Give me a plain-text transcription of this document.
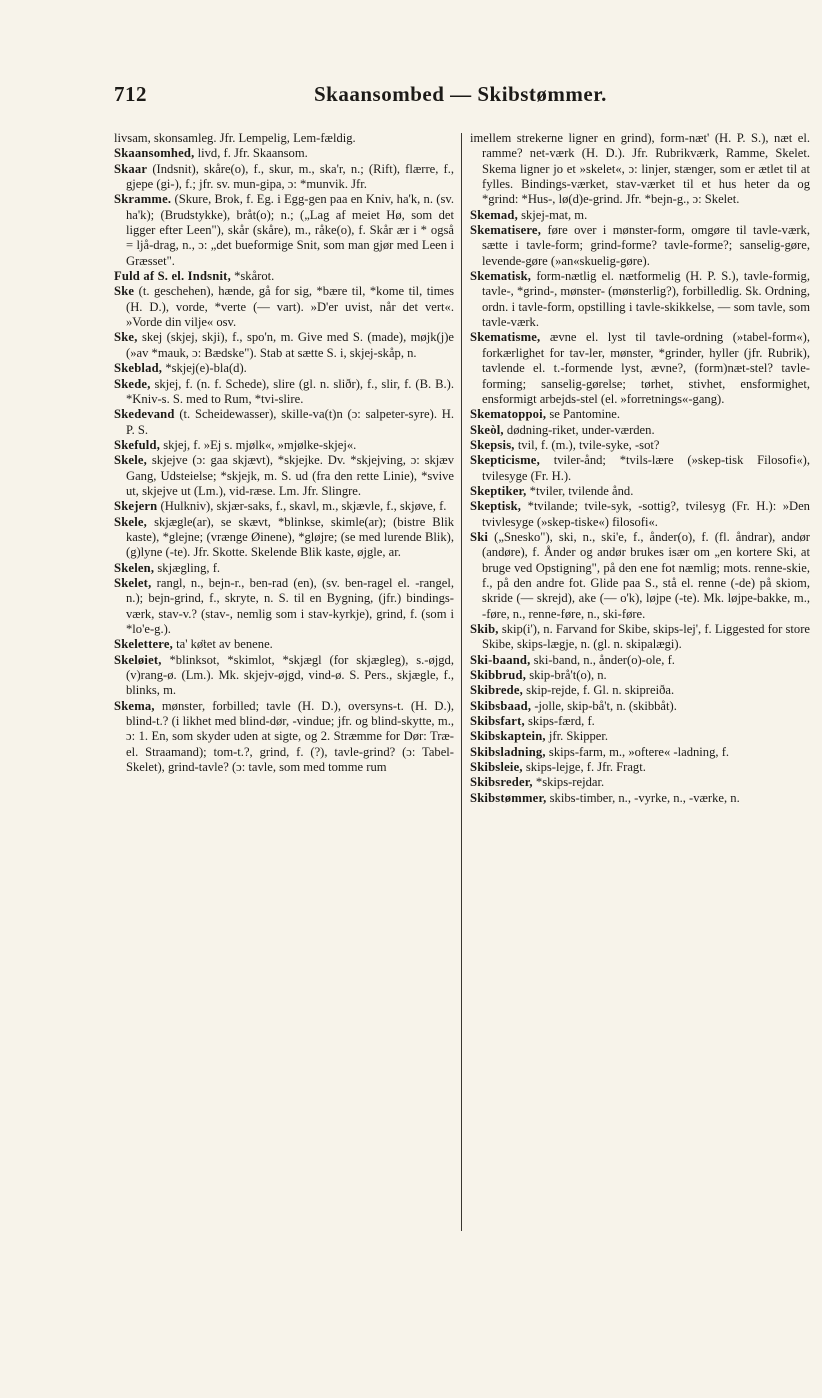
712	Skaansombed — Skibstømmer.
livsam, skonsamleg. Jfr. Lempelig, Lem-fældig.
Skaansomhed, livd, f. Jfr. Skaansom.
Skaar (Indsnit), skåre(o), f., skur, m., ska'r, n.; (Rift), flærre, f., gjepe (gi-), f.; jfr. sv. mun-gipa, ɔ: *munvik. Jfr.
Skramme. (Skure, Brok, f. Eg. i Egg-gen paa en Kniv, ha'k, n. (sv. ha'k); (Brudstykke), bråt(o); n.; („Lag af meiet Hø, som det ligger efter Leen"), skår (skåre), m., råke(o), f. Skår ær i * også = ljå-drag, n., ɔ: „det bueformige Snit, som man gjør med Leen i Græsset".
Fuld af S. el. Indsnit, *skårot.
Ske (t. geschehen), hænde, gå for sig, *bære til, *kome til, times (H. D.), vorde, *verte (— vart). »D'er uvist, når det vert«. »Vorde din vilje« osv.
Ske, skej (skjej, skji), f., spo'n, m. Give med S. (made), møjk(j)e (»av *mauk, ɔ: Bædske"). Stab at sætte S. i, skjej-skåp, n.
Skeblad, *skjej(e)-bla(d).
Skede, skjej, f. (n. f. Schede), slire (gl. n. sliðr), f., slir, f. (B. B.). *Kniv-s. S. med to Rum, *tvi-slire.
Skedevand (t. Scheidewasser), skille-va(t)n (ɔ: salpeter-syre). H. P. S.
Skefuld, skjej, f. »Ej s. mjølk«, »mjølke-skjej«.
Skele, skjejve (ɔ: gaa skjævt), *skjejke. Dv. *skjejving, ɔ: skjæv Gang, Udsteielse; *skjejk, m. S. ud (fra den rette Linie), *svive ut, skjejve ut (Lm.), vid-ræse. Lm. Jfr. Slingre.
Skejern (Hulkniv), skjær-saks, f., skavl, m., skjævle, f., skjøve, f.
Skele, skjægle(ar), se skævt, *blinkse, skimle(ar); (bistre Blik kaste), *glejne; (vrænge Øinene), *gløjre; (se med lurende Blik), (g)lyne (-te). Jfr. Skotte. Skelende Blik kaste, øjgle, ar.
Skelen, skjægling, f.
Skelet, rangl, n., bejn-r., ben-rad (en), (sv. ben-ragel el. -rangel, n.); bejn-grind, f., skryte, n. S. til en Bygning, (jfr.) bindings-værk, stav-v.? (stav-, nemlig som i stav-kyrkje), grind, f. (som i *lo'e-g.).
Skelettere, ta' kø̈tet av benene.
Skeløiet, *blinksot, *skimlot, *skjægl (for skjægleg), s.-øjgd, (v)rang-ø. (Lm.). Mk. skjejv-øjgd, vind-ø. S. Pers., skjægle, f., blinks, m.
Skema, mønster, forbilled; tavle (H. D.), oversyns-t. (H. D.), blind-t.? (i likhet med blind-dør, -vindue; jfr. og blind-skytte, m., ɔ: 1. En, som skyder uden at sigte, og 2. Stræmme for Dør: Træ-el. Straamand); tom-t.?, grind, f. (?), tavle-grind? (ɔ: Tabel-Skelet), grind-tavle? (ɔ: tavle, som med tomme rum
imellem strekerne ligner en grind), form-næt' (H. P. S.), næt el. ramme? net-værk (H. D.). Jfr. Rubrikværk, Ramme, Skelet. Skema ligner jo et »skelet«, ɔ: linjer, stænger, som er ætlet til at fylles. Bindings-værket, stav-værket til et hus heter da og *grind: *Hus-, lø(d)e-grind. Jfr. *bejn-g., ɔ: Skelet.
Skemad, skjej-mat, m.
Skematisere, føre over i mønster-form, omgøre til tavle-værk, sætte i tavle-form; grind-forme? tavle-forme?; sanselig-gøre, levende-gøre (»an«skuelig-gøre).
Skematisk, form-nætlig el. nætformelig (H. P. S.), tavle-formig, tavle-, *grind-, mønster- (mønsterlig?), forbilledlig. Sk. Ordning, ordn. i tavle-form, opstilling i tavle-skikkelse, — som tavle, som tavle-værk.
Skematisme, ævne el. lyst til tavle-ordning (»tabel-form«), forkærlighet for tav-ler, mønster, *grinder, hyller (jfr. Rubrik), tavlende el. t.-formende lyst, ævne?, (form)næt-stel? tavle-forming; sanselig-gørelse; tørhet, stivhet, ensformighet, ensformigt arbejds-stel (el. »forretnings«-gang).
Skematoppoi, se Pantomine.
Skeòl, dødning-riket, under-værden.
Skepsis, tvil, f. (m.), tvile-syke, -sot?
Skepticisme, tviler-ånd; *tvils-lære (»skep-tisk Filosofi«), tvilesyge (Fr. H.).
Skeptiker, *tviler, tvilende ånd.
Skeptisk, *tvilande; tvile-syk, -sottig?, tvilesyg (Fr. H.): »Den tvivlesyge (»skep-tiske«) filosofi«.
Ski („Snesko"), ski, n., ski'e, f., ånder(o), f. (fl. åndrar), andør (andøre), f. Ånder og andør brukes især om „en kortere Ski, at bruge ved Opstigning", på den ene fot næmlig; mots. renne-skie, f., på den andre fot. Glide paa S., stå el. renne (-de) på skiom, skride (— skrejd), ake (— o'k), løjpe (-te). Mk. løjpe-bakke, m., -føre, n., renne-føre, n., ski-føre.
Skib, skip(i'), n. Farvand for Skibe, skips-lej', f. Liggested for store Skibe, skips-lægje, n. (gl. n. skipalægi).
Ski-baand, ski-band, n., ånder(o)-ole, f.
Skibbrud, skip-brå't(o), n.
Skibrede, skip-rejde, f. Gl. n. skipreiða.
Skibsbaad, -jolle, skip-bå't, n. (skibbåt).
Skibsfart, skips-færd, f.
Skibskaptein, jfr. Skipper.
Skibsladning, skips-farm, m., »oftere« -ladning, f.
Skibsleie, skips-lejge, f. Jfr. Fragt.
Skibsreder, *skips-rejdar.
Skibstømmer, skibs-timber, n., -vyrke, n., -værke, n.
